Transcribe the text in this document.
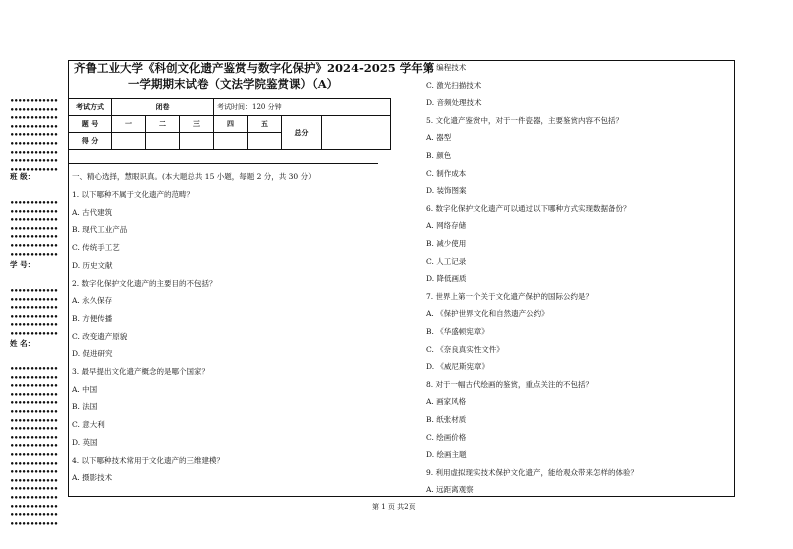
齐鲁工业大学《科创文化遗产鉴赏与数字化保护》2024-2025 学年第
一学期期末试卷（文法学院鉴赏课）（A）
考试方式	闭卷			考试时间：120 分钟			
题 号	一	二	三	四	五	总分	
得 分							
一、精心选择，慧眼识真。(本大题总共 15 小题，每题 2 分，共 30 分）
1. 以下哪种不属于文化遗产的范畴？
A. 古代建筑
B. 现代工业产品
C. 传统手工艺
D. 历史文献
2. 数字化保护文化遗产的主要目的不包括？
A. 永久保存
B. 方便传播
C. 改变遗产原貌
D. 促进研究
3. 最早提出文化遗产概念的是哪个国家？
A. 中国
B. 法国
C. 意大利
D. 英国
4. 以下哪种技术常用于文化遗产的三维建模？
A. 摄影技术
B. 编程技术
C. 激光扫描技术
D. 音频处理技术
5. 文化遗产鉴赏中，对于一件瓷器，主要鉴赏内容不包括？
A. 器型
B. 颜色
C. 制作成本
D. 装饰图案
6. 数字化保护文化遗产可以通过以下哪种方式实现数据备份？
A. 网络存储
B. 减少使用
C. 人工记录
D. 降低画质
7. 世界上第一个关于文化遗产保护的国际公约是？
A. 《保护世界文化和自然遗产公约》
B. 《华盛顿宪章》
C. 《奈良真实性文件》
D. 《威尼斯宪章》
8. 对于一幅古代绘画的鉴赏，重点关注的不包括？
A. 画家风格
B. 纸张材质
C. 绘画价格
D. 绘画主题
9. 利用虚拟现实技术保护文化遗产，能给观众带来怎样的体验？
A. 远距离观察
••••••••••••
••••••••••••
••••••••••••
••••••••••••
••••••••••••
••••••••••••
••••••••••••
••••••••••••
••••••••••••
••••••••••••
••••••••••••
••••••••••••
••••••••••••
••••••••••••
••••••••••••
••••••••••••
••••••••••••
••••••••••••
••••••••••••
••••••••••••
••••••••••••
••••••••••••
••••••••••••
••••••••••••
••••••••••••
••••••••••••
••••••••••••
••••••••••••
••••••••••••
••••••••••••
••••••••••••
••••••••••••
••••••••••••
••••••••••••
••••••••••••
••••••••••••
••••••••••••
••••••••••••
••••••••••••
••••••••••••
••••••••••••
班 级：
学 号：
姓 名：
第 1 页 共2页
